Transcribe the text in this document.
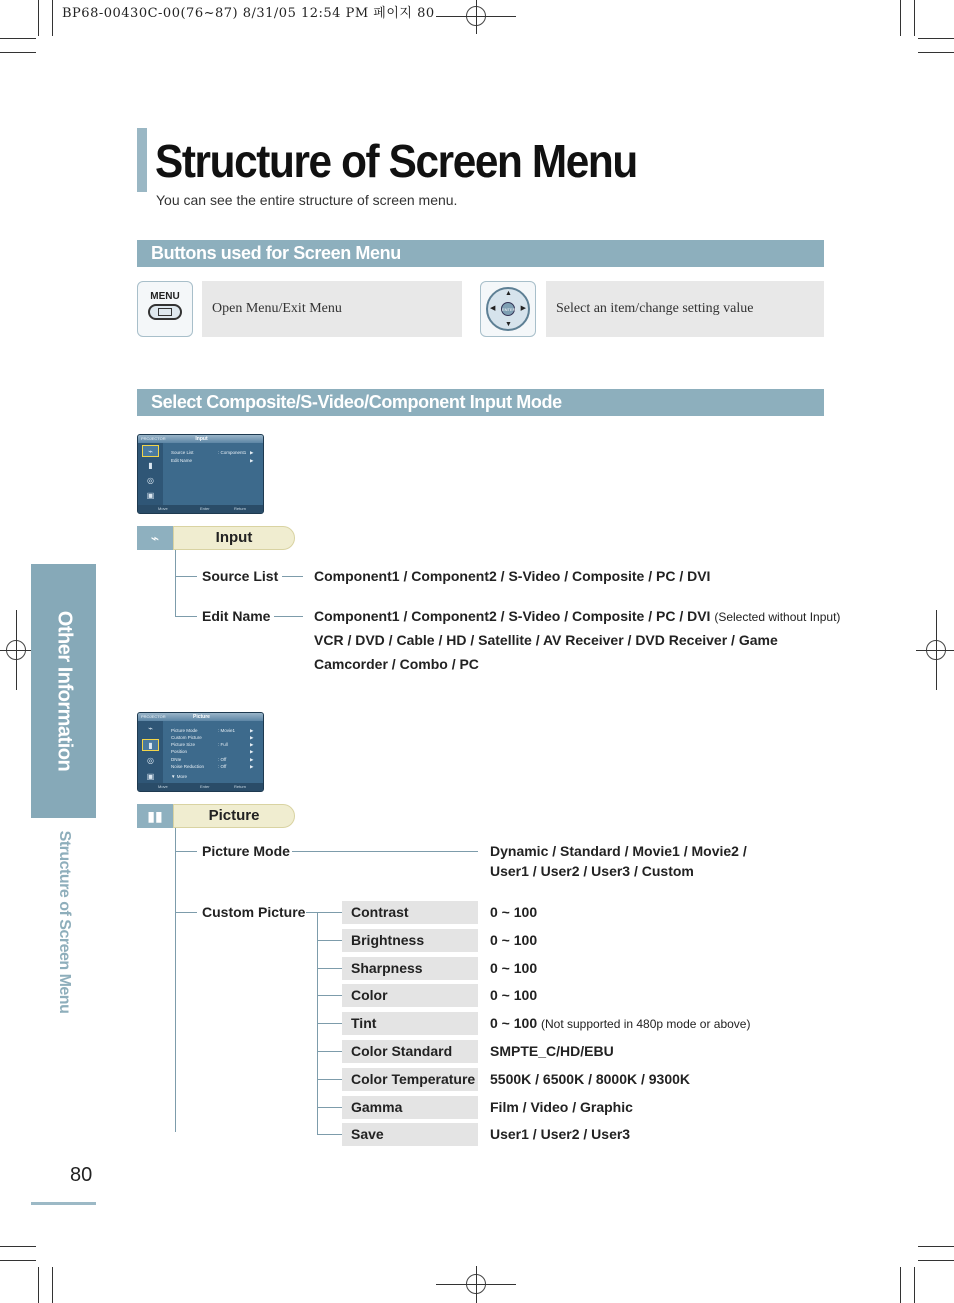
BP68-00430C-00(76~87) 8/31/05 12:54 PM 페이지 80
Structure of Screen Menu
You can see the entire structure of screen menu.
Buttons used for Screen Menu
MENU
Open Menu/Exit Menu	ENTER
▲
▼
◀	▶	Select an item/change setting value
Select Composite/S-Video/Component Input Mode
PROJECTOR	Input
⌁
▮
◎
▣
Source List	: Component1 ▶
Edit Name	▶
Move	Enter	Return
⌁	Input
Source List	Component1 / Component2 / S-Video / Composite / PC / DVI
Edit Name	Component1 / Component2 / S-Video / Composite / PC / DVI (Selected without Input)
VCR / DVD / Cable / HD / Satellite / AV Receiver / DVD Receiver / Game
Camcorder / Combo / PC
PROJECTOR	Picture
⌁
▮
◎
▣
Picture Mode	: Movie1	▶
Custom Picture	▶
Picture Size	: Full	▶
Position	▶
DNIe	: Off	▶
Noise Reduction	: Off	▶
▼ More
Move	Enter	Return
▮▮	Picture
Picture Mode	Dynamic / Standard / Movie1 / Movie2 /
User1 / User2 / User3 / Custom
Custom Picture	Contrast	0 ~ 100
Brightness	0 ~ 100
Sharpness	0 ~ 100
Color	0 ~ 100
Tint	0 ~ 100 (Not supported in 480p mode or above)
Color Standard	SMPTE_C/HD/EBU
Color Temperature 5500K / 6500K / 8000K / 9300K
Gamma	Film / Video / Graphic
Save	User1 / User2 / User3
Other Information
Structure of Screen Menu
80
